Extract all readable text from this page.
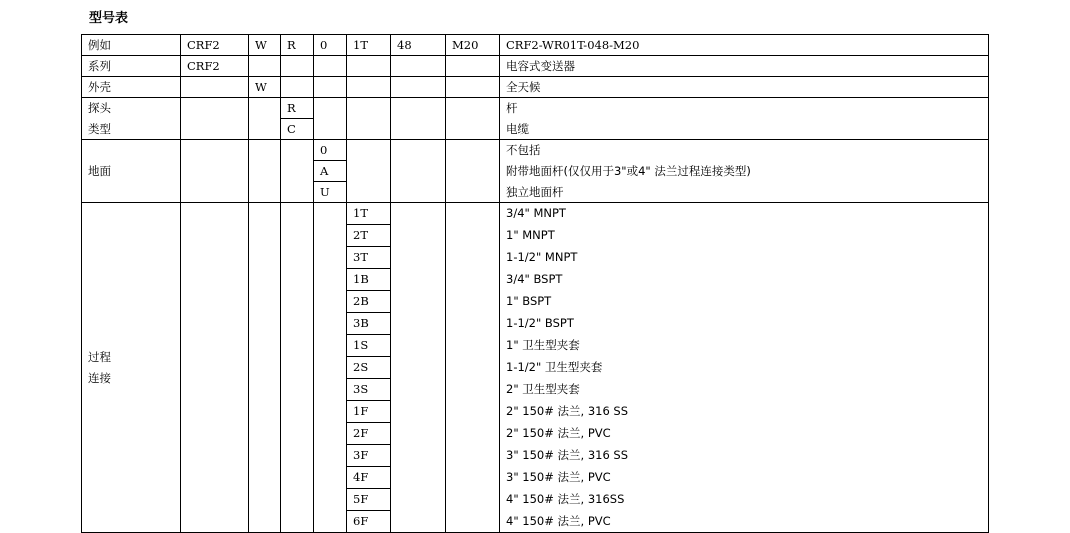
型号表
例如	CRF2	W	R	0	1T	48	M20	CRF2-WR01T-048-M20
系列	CRF2							电容式变送器
外壳		W						全天候
探头			R					杆
类型			C					电缆
地面				0				不包括
				A				附带地面杆(仅仅用于3"或4" 法兰过程连接类型)
				U				独立地面杆
过程
连接					1T			3/4" MNPT
					2T			1" MNPT
					3T			1-1/2" MNPT
					1B			3/4" BSPT
					2B			1" BSPT
					3B			1-1/2" BSPT
					1S			1" 卫生型夹套
					2S			1-1/2" 卫生型夹套
					3S			2" 卫生型夹套
					1F			2" 150# 法兰, 316 SS
					2F			2" 150# 法兰, PVC
					3F			3" 150# 法兰, 316 SS
					4F			3" 150# 法兰, PVC
					5F			4" 150# 法兰, 316SS
					6F			4" 150# 法兰, PVC
